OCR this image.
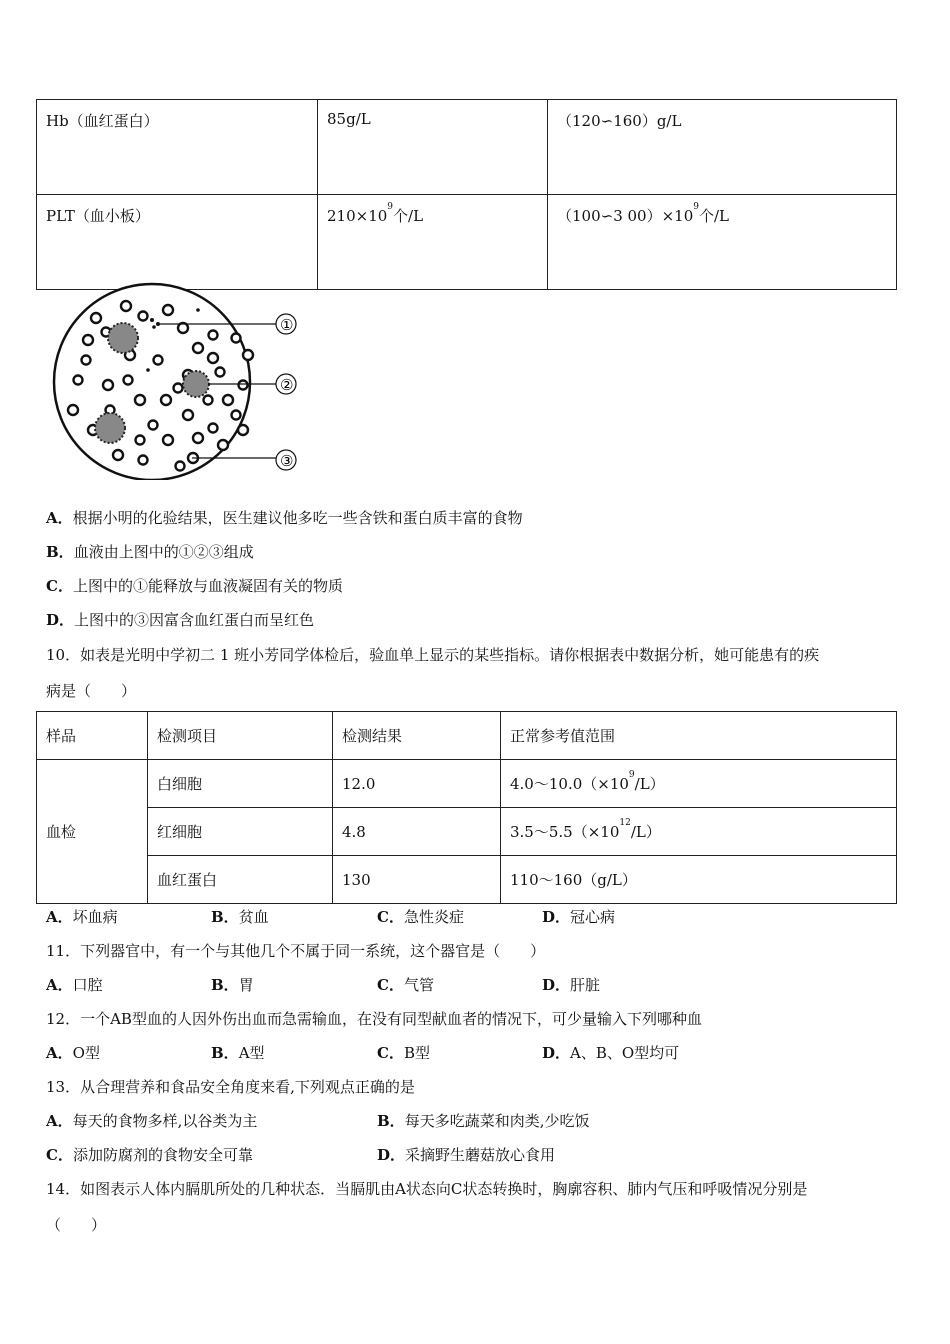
Hb（血红蛋白）	85g/L	（120∽160）g/L
PLT（血小板）	$210\times 10^9$个/L	（100∽3 $00)\times 10^9$个/L
①
②
③
A．根据小明的化验结果，医生建议他多吃一些含铁和蛋白质丰富的食物
B．血液由上图中的①②③组成
C．上图中的①能释放与血液凝固有关的物质
D．上图中的③因富含血红蛋白而呈红色
10．如表是光明中学初二 1 班小芳同学体检后，验血单上显示的某些指标。请你根据表中数据分析，她可能患有的疾
病是（　　）
样品	检测项目	检测结果	正常参考值范围
血检	白细胞	12.0	$4.0\sim 10.0(\times 10^9/L)$
	红细胞	4.8	$3.5\sim 5.5(\times 10^{12}/L)$
	血红蛋白	130	110～160（g/L）
A．坏血病	B．贫血	C．急性炎症	D．冠心病
11．下列器官中，有一个与其他几个不属于同一系统，这个器官是（　　）
A．口腔	B．胃	C．气管	D．肝脏
12．一个AB型血的人因外伤出血而急需输血，在没有同型献血者的情况下，可少量输入下列哪种血
A．O型	B．A型	C．B型	D．A、B、O型均可
13．从合理营养和食品安全角度来看,下列观点正确的是
A．每天的食物多样,以谷类为主	B．每天多吃蔬菜和肉类,少吃饭
C．添加防腐剂的食物安全可靠	D．采摘野生蘑菇放心食用
14．如图表示人体内膈肌所处的几种状态．当膈肌由A状态向C状态转换时，胸廓容积、肺内气压和呼吸情况分别是
（　　）
